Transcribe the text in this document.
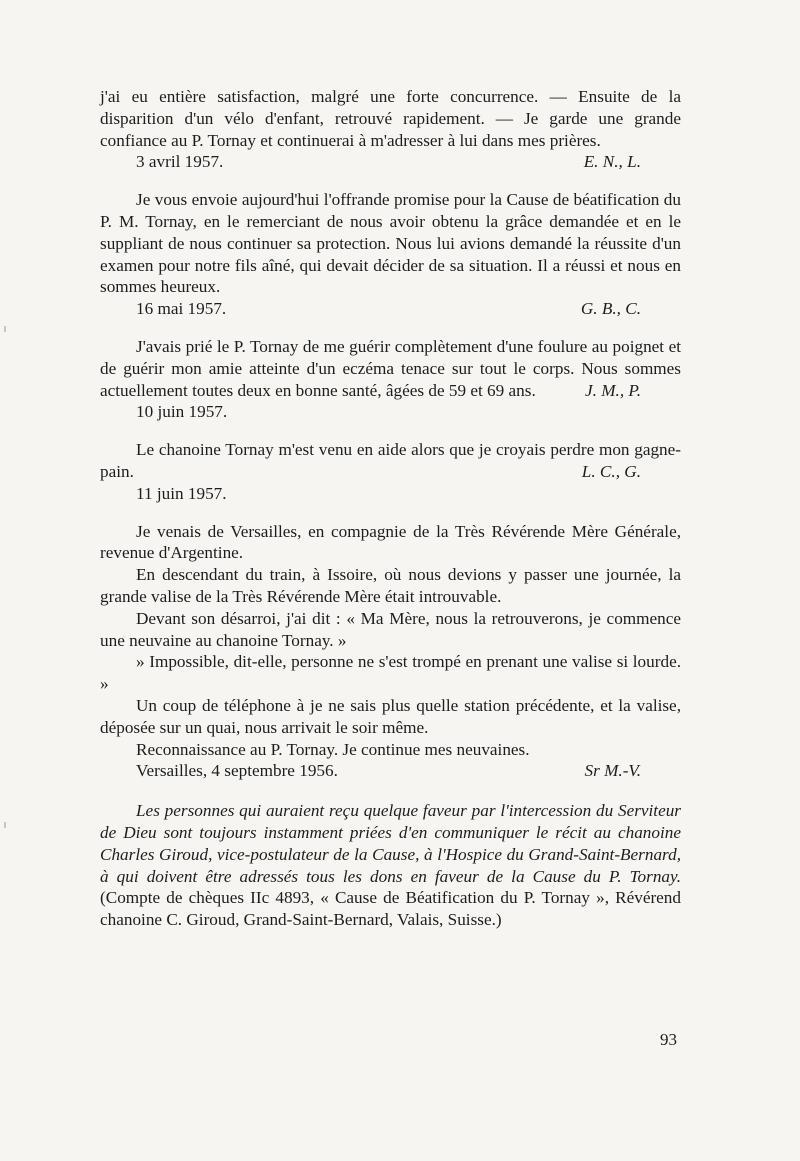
j'ai eu entière satisfaction, malgré une forte concurrence. — Ensuite de la disparition d'un vélo d'enfant, retrouvé rapidement. — Je garde une grande confiance au P. Tornay et continuerai à m'adresser à lui dans mes prières.
E. N., L.

3 avril 1957.

Je vous envoie aujourd'hui l'offrande promise pour la Cause de béatification du P. M. Tornay, en le remerciant de nous avoir obtenu la grâce demandée et en le suppliant de nous continuer sa protection. Nous lui avions demandé la réussite d'un examen pour notre fils aîné, qui devait décider de sa situation. Il a réussi et nous en sommes heureux.

16 mai 1957.	G. B., C.

J'avais prié le P. Tornay de me guérir complètement d'une foulure au poignet et de guérir mon amie atteinte d'un eczéma tenace sur tout le corps. Nous sommes actuellement toutes deux en bonne santé, âgées de 59 et 69 ans.	J. M., P.

10 juin 1957.

Le chanoine Tornay m'est venu en aide alors que je croyais perdre mon gagne-pain.	L. C., G.

11 juin 1957.

Je venais de Versailles, en compagnie de la Très Révérende Mère Générale, revenue d'Argentine.

En descendant du train, à Issoire, où nous devions y passer une journée, la grande valise de la Très Révérende Mère était introuvable.

Devant son désarroi, j'ai dit : « Ma Mère, nous la retrouverons, je commence une neuvaine au chanoine Tornay. »

» Impossible, dit-elle, personne ne s'est trompé en prenant une valise si lourde. »

Un coup de téléphone à je ne sais plus quelle station précédente, et la valise, déposée sur un quai, nous arrivait le soir même.

Reconnaissance au P. Tornay. Je continue mes neuvaines.

Versailles, 4 septembre 1956.	Sr M.-V.

Les personnes qui auraient reçu quelque faveur par l'intercession du Serviteur de Dieu sont toujours instamment priées d'en communiquer le récit au chanoine Charles Giroud, vice-postulateur de la Cause, à l'Hospice du Grand-Saint-Bernard, à qui doivent être adressés tous les dons en faveur de la Cause du P. Tornay. (Compte de chèques IIc 4893, « Cause de Béatification du P. Tornay », Révérend chanoine C. Giroud, Grand-Saint-Bernard, Valais, Suisse.)

93
